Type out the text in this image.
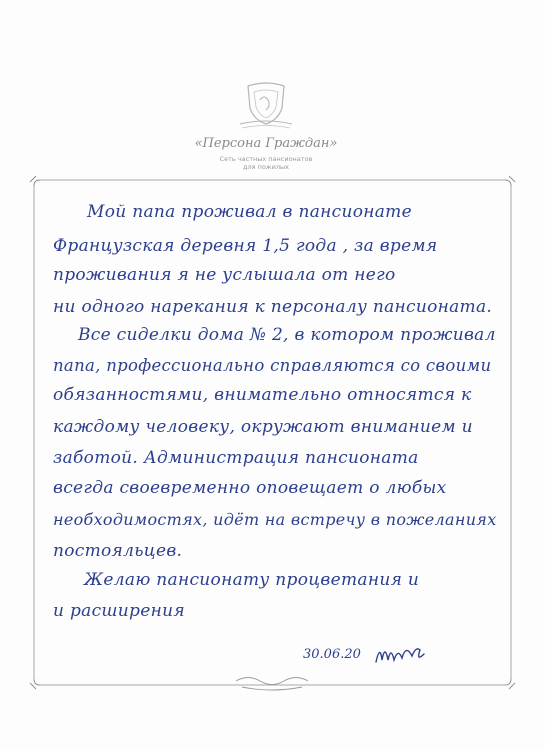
«Персона Граждан»
Сеть частных пансионатов
для пожилых
Мой папа проживал в пансионате
Французская деревня 1,5 года , за время
проживания я не услышала от него
ни одного нарекания к персоналу пансионата.
Все сиделки дома № 2, в котором проживал
папа, профессионально справляются со своими
обязанностями, внимательно относятся к
каждому человеку, окружают вниманием и
заботой. Администрация пансионата
всегда своевременно оповещает о любых
необходимостях, идёт на встречу в пожеланиях
постояльцев.
Желаю пансионату процветания и
и расширения
30.06.20
